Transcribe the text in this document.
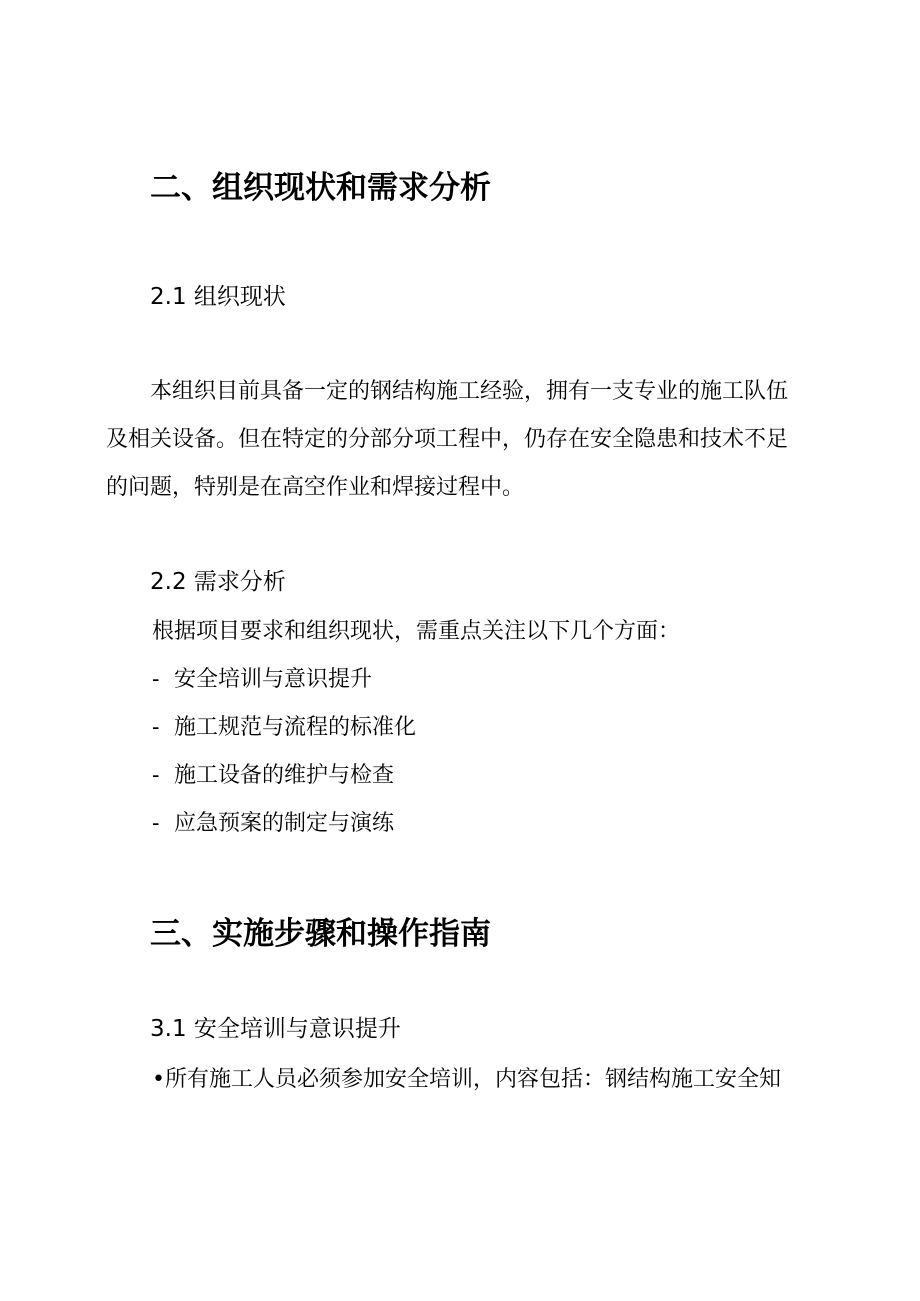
二、组织现状和需求分析
2.1 组织现状
本组织目前具备一定的钢结构施工经验，拥有一支专业的施工队伍
及相关设备。但在特定的分部分项工程中，仍存在安全隐患和技术不足
的问题，特别是在高空作业和焊接过程中。
2.2 需求分析
根据项目要求和组织现状，需重点关注以下几个方面：
- 安全培训与意识提升
- 施工规范与流程的标准化
- 施工设备的维护与检查
- 应急预案的制定与演练
三、实施步骤和操作指南
3.1 安全培训与意识提升
•所有施工人员必须参加安全培训，内容包括：钢结构施工安全知
